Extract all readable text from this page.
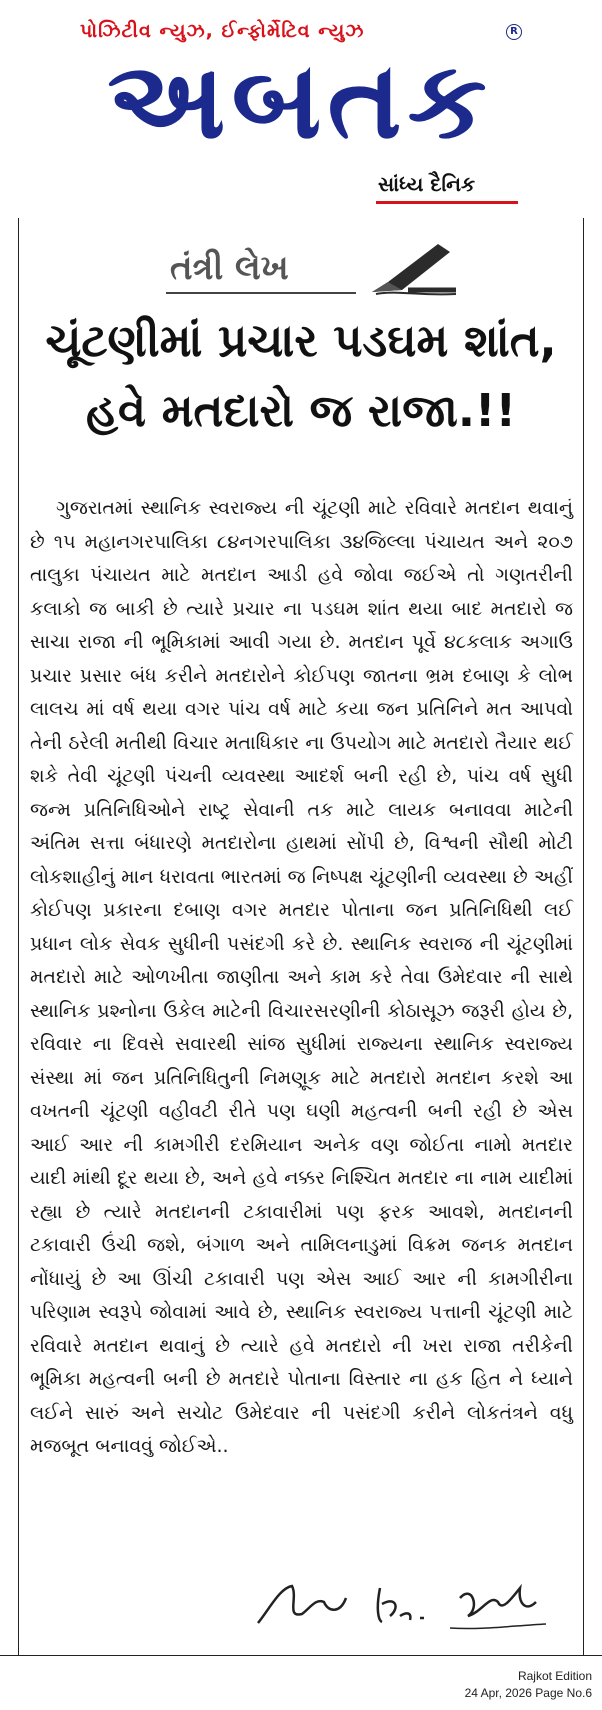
પોઝિટીવ ન્યુઝ, ઈન્ફોર્મેટિવ ન્યુઝ	R
અબતક
સાંધ્ય દૈનિક
તંત્રી લેખ
ચૂંટણીમાં પ્રચાર પડઘમ શાંત,
હવે મતદારો જ રાજા.!!
ગુજરાતમાં સ્થાનિક સ્વરાજ્ય ની ચૂંટણી માટે રવિવારે મતદાન થવાનું છે ૧૫ મહાનગરપાલિકા ૮૪નગરપાલિકા ૩૪જિલ્લા પંચાયત અને ૨૦૭ તાલુકા પંચાયત માટે મતદાન આડી હવે જોવા જઈએ તો ગણતરીની કલાકો જ બાકી છે ત્યારે પ્રચાર ના પડઘમ શાંત થયા બાદ મતદારો જ સાચા રાજા ની ભૂમિકામાં આવી ગયા છે. મતદાન પૂર્વે ૪૮કલાક અગાઉ પ્રચાર પ્રસાર બંધ કરીને મતદારોને કોઈપણ જાતના ભ્રમ દબાણ કે લોભ લાલચ માં વર્ષ થયા વગર પાંચ વર્ષ માટે કયા જન પ્રતિનિને મત આપવો તેની ઠરેલી મતીથી વિચાર મતાધિકાર ના ઉપયોગ માટે મતદારો તૈયાર થઈ શકે તેવી ચૂંટણી પંચની વ્યવસ્થા આદર્શ બની રહી છે, પાંચ વર્ષ સુધી જન્મ પ્રતિનિધિઓને રાષ્ટ્ર સેવાની તક માટે લાયક બનાવવા માટેની અંતિમ સત્તા બંધારણે મતદારોના હાથમાં સોંપી છે, વિશ્વની સૌથી મોટી લોકશાહીનું માન ધરાવતા ભારતમાં જ નિષ્પક્ષ ચૂંટણીની વ્યવસ્થા છે અહીં કોઈપણ પ્રકારના દબાણ વગર મતદાર પોતાના જન પ્રતિનિધિથી લઈ પ્રધાન લોક સેવક સુધીની પસંદગી કરે છે. સ્થાનિક સ્વરાજ ની ચૂંટણીમાં મતદારો માટે ઓળખીતા જાણીતા અને કામ કરે તેવા ઉમેદવાર ની સાથે સ્થાનિક પ્રશ્નોના ઉકેલ માટેની વિચારસરણીની કોઠાસૂઝ જરૂરી હોય છે, રવિવાર ના દિવસે સવારથી સાંજ સુધીમાં રાજ્યના સ્થાનિક સ્વરાજ્ય સંસ્થા માં જન પ્રતિનિધિતુની નિમણૂક માટે મતદારો મતદાન કરશે આ વખતની ચૂંટણી વહીવટી રીતે પણ ઘણી મહત્વની બની રહી છે એસ આઈ આર ની કામગીરી દરમિયાન અનેક વણ જોઈતા નામો મતદાર યાદી માંથી દૂર થયા છે, અને હવે નક્કર નિશ્ચિત મતદાર ના નામ યાદીમાં રહ્યા છે ત્યારે મતદાનની ટકાવારીમાં પણ ફરક આવશે, મતદાનની ટકાવારી ઉંચી જશે, બંગાળ અને તામિલનાડુમાં વિક્રમ જનક મતદાન નોંધાયું છે આ ઊંચી ટકાવારી પણ એસ આઈ આર ની કામગીરીના પરિણામ સ્વરૂપે જોવામાં આવે છે, સ્થાનિક સ્વરાજ્ય પત્તાની ચૂંટણી માટે રવિવારે મતદાન થવાનું છે ત્યારે હવે મતદારો ની ખરા રાજા તરીકેની ભૂમિકા મહત્વની બની છે મતદારે પોતાના વિસ્તાર ના હક હિત ને ધ્યાને લઈને સારું અને સચોટ ઉમેદવાર ની પસંદગી કરીને લોકતંત્રને વધુ મજબૂત બનાવવું જોઈએ..
Rajkot Edition
24 Apr, 2026 Page No.6
